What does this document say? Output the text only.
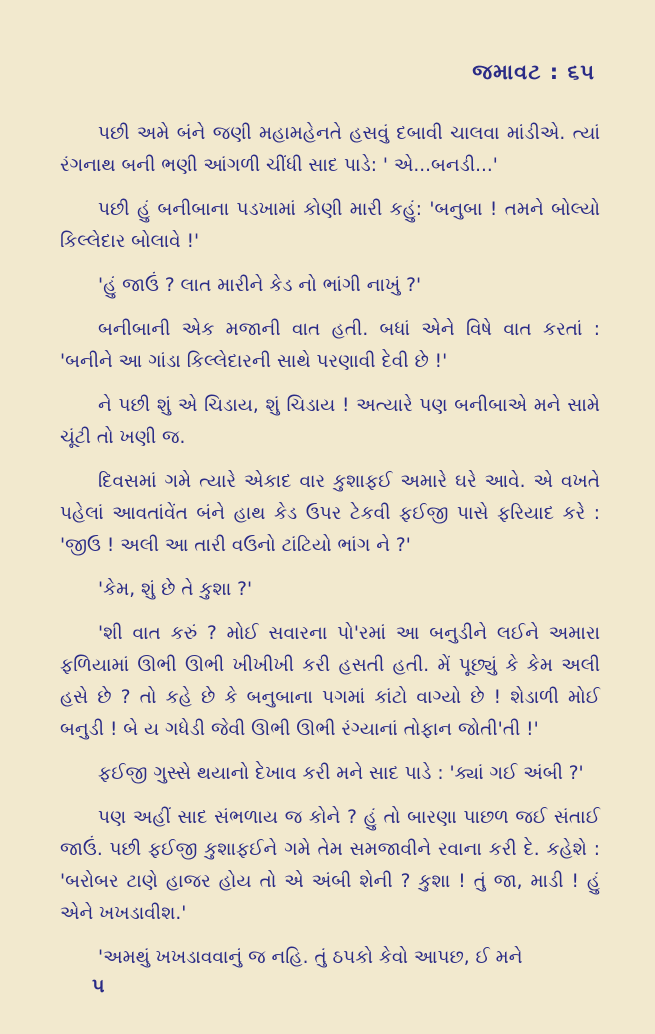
જમાવટ : ૬૫

પછી અમે બંને જણી મહામહેનતે હસવું દબાવી ચાલવા માંડીએ. ત્યાં રંગનાથ બની ભણી આંગળી ચીંધી સાદ પાડે: ' એ...બનડી...'

પછી હું બનીબાના પડખામાં કોણી મારી કહું: 'બનુબા ! તમને બોલ્યો કિલ્લેદાર બોલાવે !'

'હું જાઉં ? લાત મારીને કેડ નો ભાંગી નાખું ?'

બનીબાની એક મજાની વાત હતી. બધાં એને વિષે વાત કરતાં : 'બનીને આ ગાંડા કિલ્લેદારની સાથે પરણાવી દેવી છે !'

ને પછી શું એ ચિડાય, શું ચિડાય ! અત્યારે પણ બનીબાએ મને સામે ચૂંટી તો ખણી જ.

દિવસમાં ગમે ત્યારે એકાદ વાર કુશાફઈ અમારે ઘરે આવે. એ વખતે પહેલાં આવતાંવેંત બંને હાથ કેડ ઉપર ટેકવી ફઈજી પાસે ફરિયાદ કરે : 'જીઉ ! અલી આ તારી વઉનો ટાંટિયો ભાંગ ને ?'

'કેમ, શું છે તે કુશા ?'

'શી વાત કરું ? મોઈ સવારના પો'રમાં આ બનુડીને લઈને અમારા ફળિયામાં ઊભી ઊભી ખીખીખી કરી હસતી હતી. મેં પૂછ્યું કે કેમ અલી હસે છે ? તો કહે છે કે બનુબાના પગમાં કાંટો વાગ્યો છે ! શેડાળી મોઈ બનુડી ! બે ય ગધેડી જેવી ઊભી ઊભી રંગ્યાનાં તોફાન જોતી'તી !'

ફઈજી ગુસ્સે થયાનો દેખાવ કરી મને સાદ પાડે : 'ક્યાં ગઈ અંબી ?'

પણ અહીં સાદ સંભળાય જ કોને ? હું તો બારણા પાછળ જઈ સંતાઈ જાઉં. પછી ફઈજી કુશાફઈને ગમે તેમ સમજાવીને રવાના કરી દે. કહેશે : 'બરોબર ટાણે હાજર હોય તો એ અંબી શેની ? કુશા ! તું જા, માડી ! હું એને ખખડાવીશ.'

'અમથું ખખડાવવાનું જ નહિ. તું ઠપકો કેવો આપછ, ઈ મને

૫
